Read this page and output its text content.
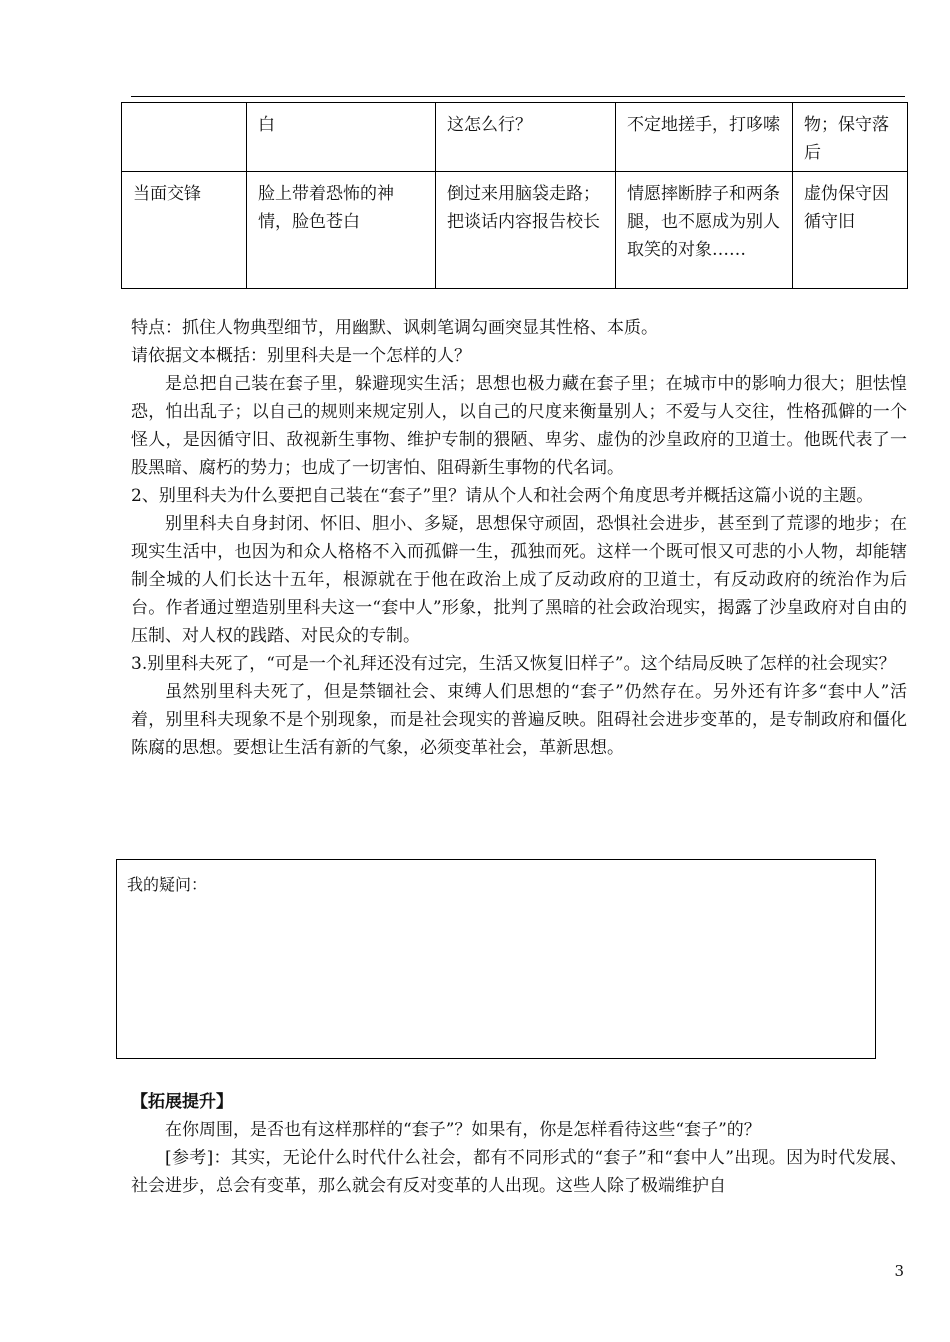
	白	这怎么行？	不定地搓手，打哆嗦	物；保守落后
当面交锋	脸上带着恐怖的神情，脸色苍白	倒过来用脑袋走路；把谈话内容报告校长	情愿摔断脖子和两条腿，也不愿成为别人取笑的对象……	虚伪保守因循守旧

特点：抓住人物典型细节，用幽默、讽刺笔调勾画突显其性格、本质。

请依据文本概括：别里科夫是一个怎样的人？

是总把自己装在套子里，躲避现实生活；思想也极力藏在套子里；在城市中的影响力很大；胆怯惶恐，怕出乱子；以自己的规则来规定别人，以自己的尺度来衡量别人；不爱与人交往，性格孤僻的一个怪人，是因循守旧、敌视新生事物、维护专制的猥陋、卑劣、虚伪的沙皇政府的卫道士。他既代表了一股黑暗、腐朽的势力；也成了一切害怕、阻碍新生事物的代名词。

2、别里科夫为什么要把自己装在“套子”里？请从个人和社会两个角度思考并概括这篇小说的主题。

别里科夫自身封闭、怀旧、胆小、多疑，思想保守顽固，恐惧社会进步，甚至到了荒谬的地步；在现实生活中，也因为和众人格格不入而孤僻一生，孤独而死。这样一个既可恨又可悲的小人物，却能辖制全城的人们长达十五年，根源就在于他在政治上成了反动政府的卫道士，有反动政府的统治作为后台。作者通过塑造别里科夫这一“套中人”形象，批判了黑暗的社会政治现实，揭露了沙皇政府对自由的压制、对人权的践踏、对民众的专制。

3.别里科夫死了，“可是一个礼拜还没有过完，生活又恢复旧样子”。这个结局反映了怎样的社会现实？

虽然别里科夫死了，但是禁锢社会、束缚人们思想的“套子”仍然存在。另外还有许多“套中人”活着，别里科夫现象不是个别现象，而是社会现实的普遍反映。阻碍社会进步变革的，是专制政府和僵化陈腐的思想。要想让生活有新的气象，必须变革社会，革新思想。

我的疑问：

【拓展提升】

在你周围，是否也有这样那样的“套子”？如果有，你是怎样看待这些“套子”的？

[参考]：其实，无论什么时代什么社会，都有不同形式的“套子”和“套中人”出现。因为时代发展、社会进步，总会有变革，那么就会有反对变革的人出现。这些人除了极端维护自

3
